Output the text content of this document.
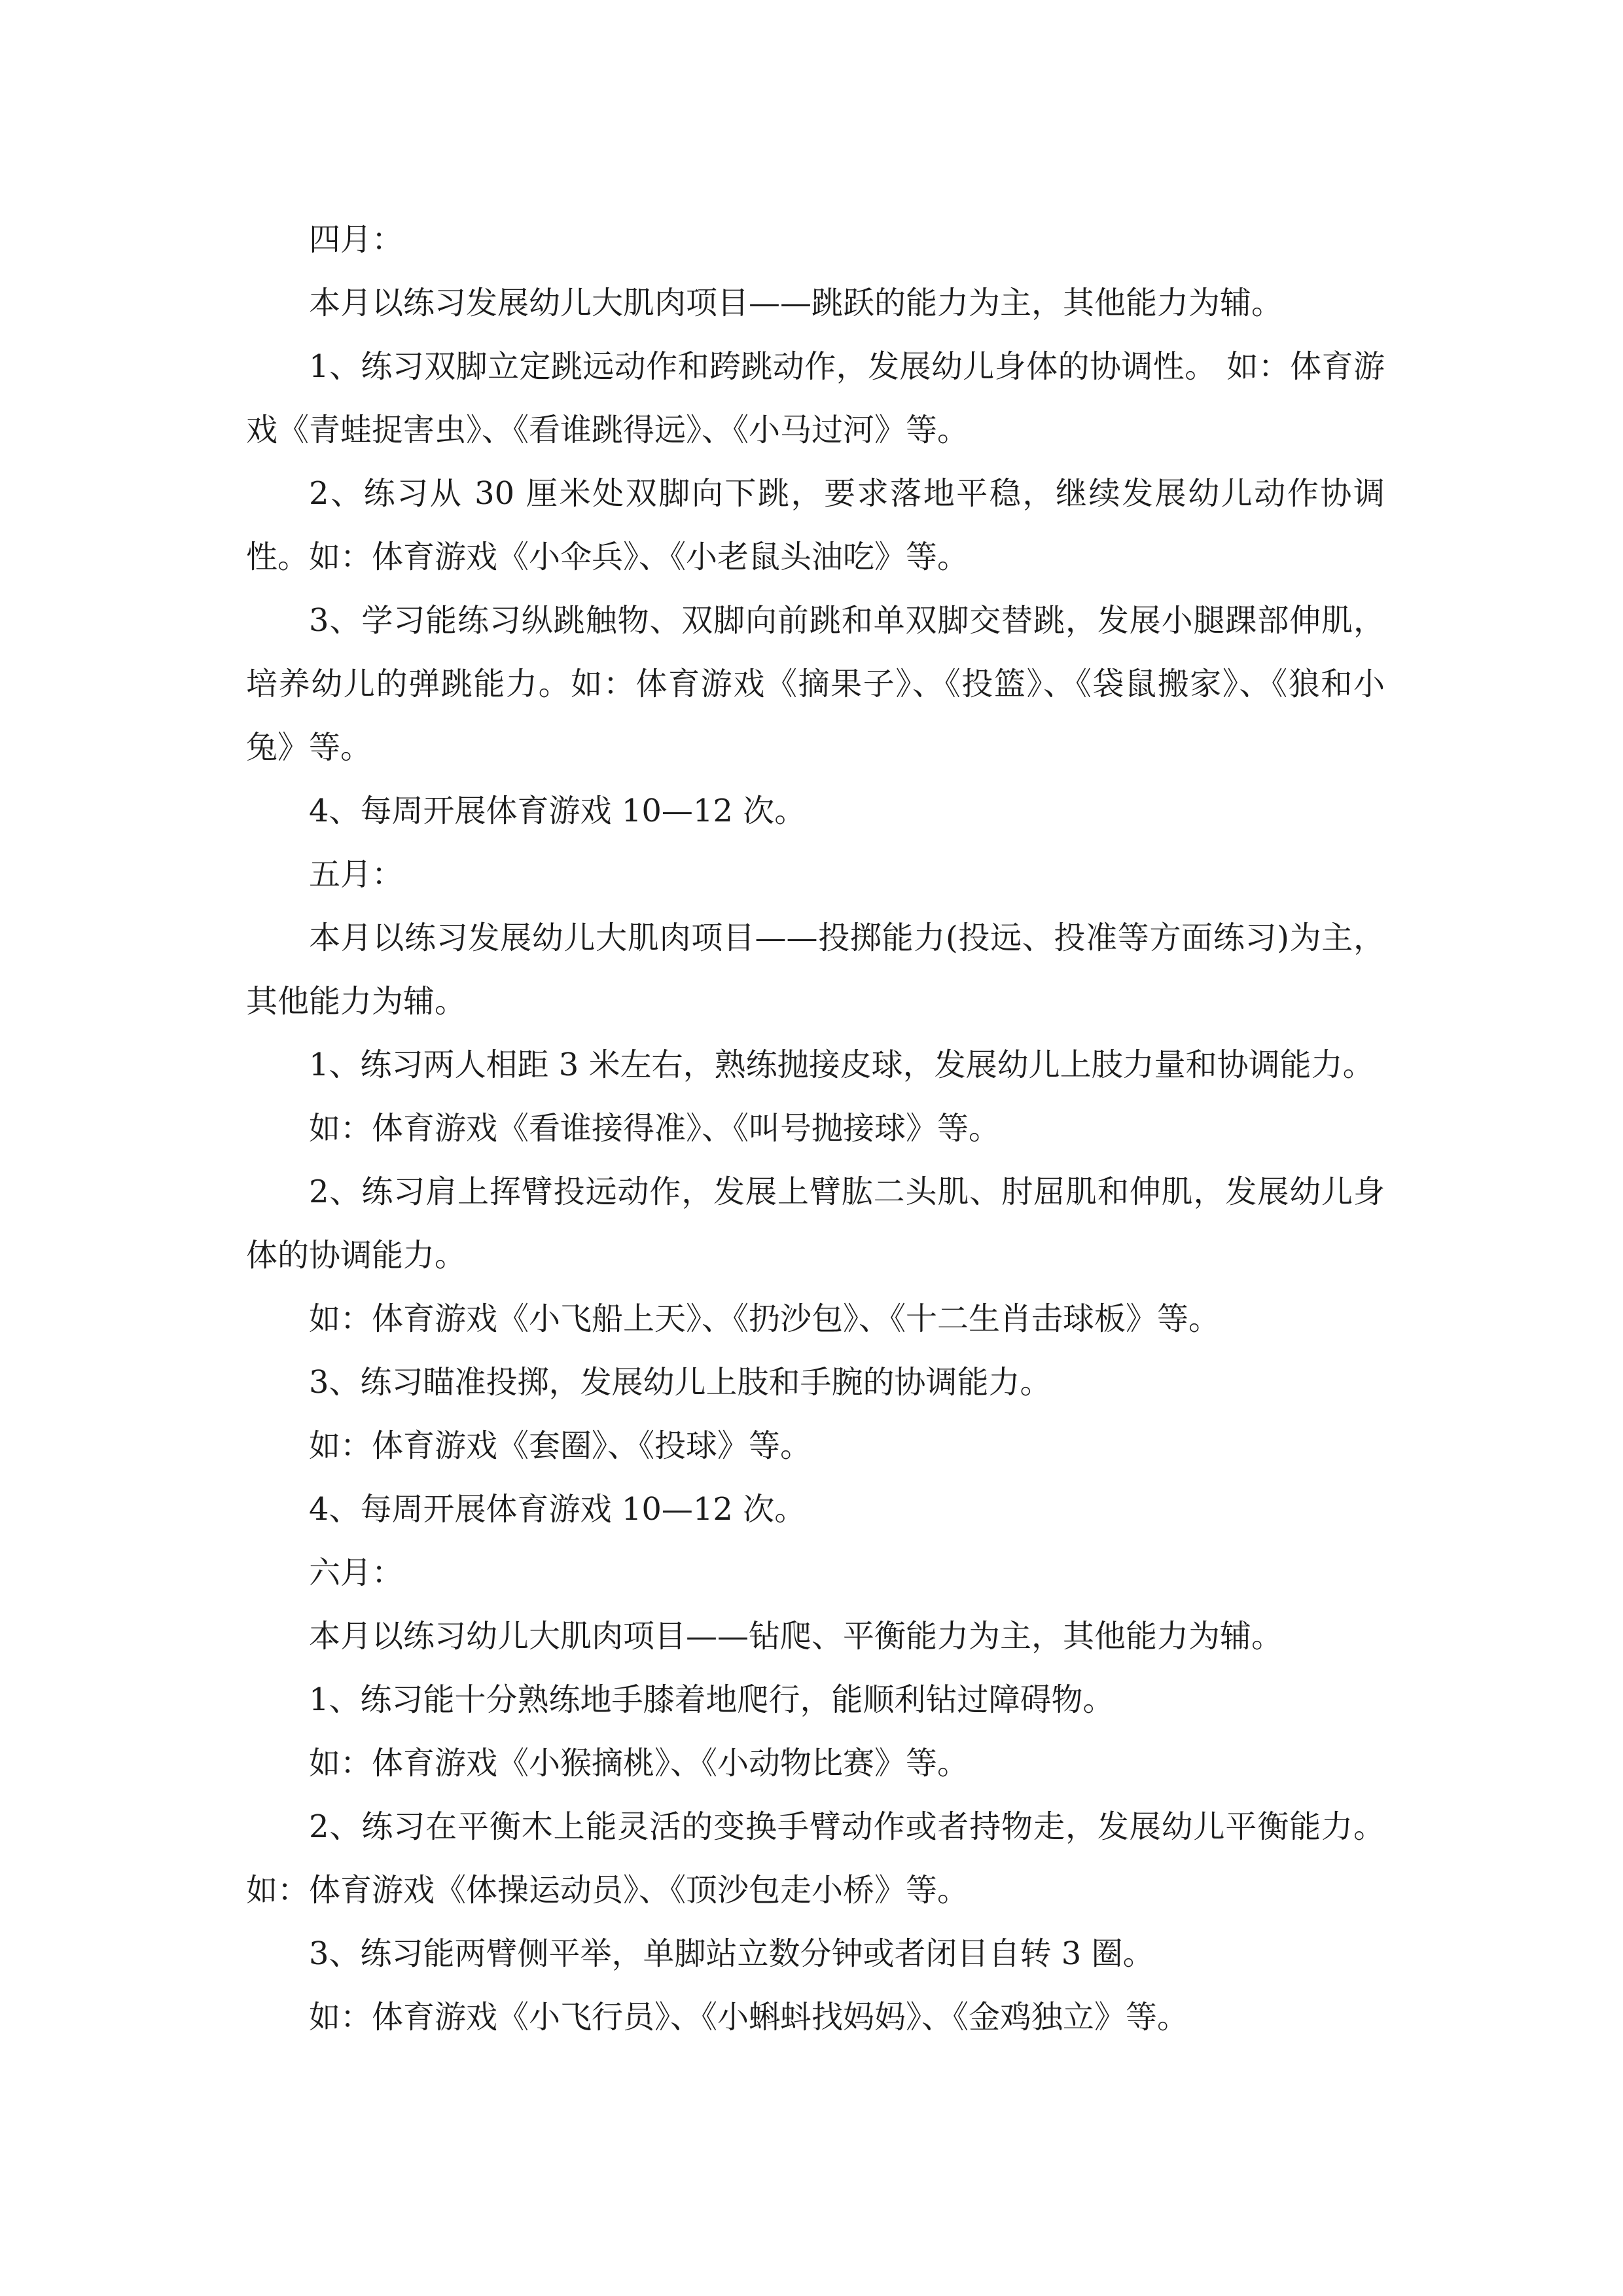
四月：

本月以练习发展幼儿大肌肉项目——跳跃的能力为主，其他能力为辅。

1、练习双脚立定跳远动作和跨跳动作，发展幼儿身体的协调性。 如：体育游戏《青蛙捉害虫》、《看谁跳得远》、《小马过河》等。

2、练习从 30 厘米处双脚向下跳，要求落地平稳，继续发展幼儿动作协调性。如：体育游戏《小伞兵》、《小老鼠头油吃》等。

3、学习能练习纵跳触物、双脚向前跳和单双脚交替跳，发展小腿踝部伸肌，培养幼儿的弹跳能力。如：体育游戏《摘果子》、《投篮》、《袋鼠搬家》、《狼和小兔》等。

4、每周开展体育游戏 10—12 次。

五月：

本月以练习发展幼儿大肌肉项目——投掷能力(投远、投准等方面练习)为主，其他能力为辅。

1、练习两人相距 3 米左右，熟练抛接皮球，发展幼儿上肢力量和协调能力。

如：体育游戏《看谁接得准》、《叫号抛接球》等。

2、练习肩上挥臂投远动作，发展上臂肱二头肌、肘屈肌和伸肌，发展幼儿身体的协调能力。

如：体育游戏《小飞船上天》、《扔沙包》、《十二生肖击球板》等。

3、练习瞄准投掷，发展幼儿上肢和手腕的协调能力。

如：体育游戏《套圈》、《投球》等。

4、每周开展体育游戏 10—12 次。

六月：

本月以练习幼儿大肌肉项目——钻爬、平衡能力为主，其他能力为辅。

1、练习能十分熟练地手膝着地爬行，能顺利钻过障碍物。

如：体育游戏《小猴摘桃》、《小动物比赛》等。

2、练习在平衡木上能灵活的变换手臂动作或者持物走，发展幼儿平衡能力。如：体育游戏《体操运动员》、《顶沙包走小桥》等。

3、练习能两臂侧平举，单脚站立数分钟或者闭目自转 3 圈。

如：体育游戏《小飞行员》、《小蝌蚪找妈妈》、《金鸡独立》等。
